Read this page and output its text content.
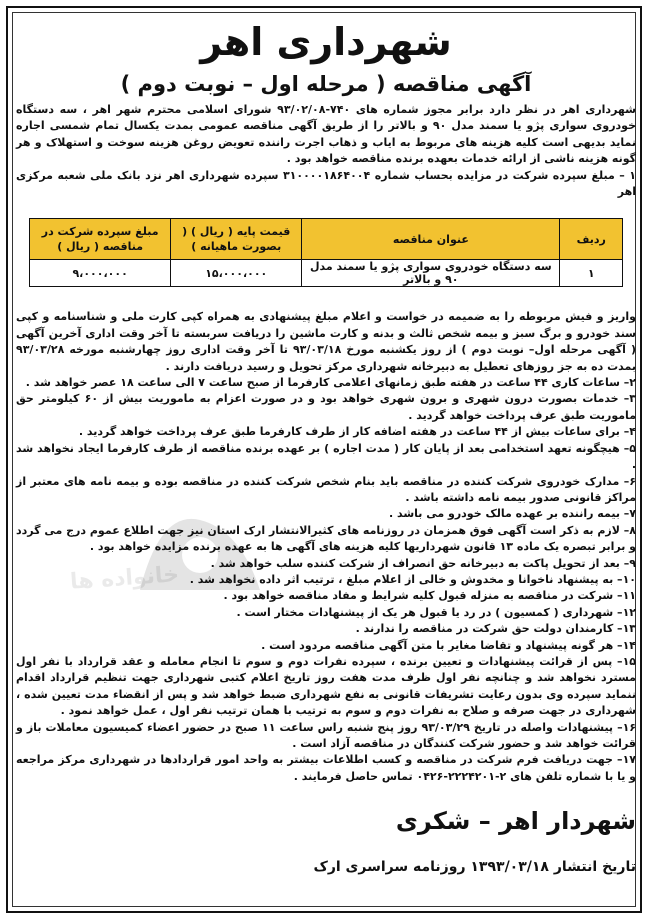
شهرداری اهر
آگهی مناقصه ( مرحله اول – نوبت دوم )

شهرداری اهر در نظر دارد برابر مجوز شماره های ۷۴۰-۹۳/۰۲/۰۸ شورای اسلامی محترم شهر اهر ، سه دستگاه خودروی سواری پژو یا سمند مدل ۹۰ و بالاتر را از طریق آگهی مناقصه عمومی بمدت یکسال تمام شمسی اجاره نماید بدیهی است کلیه هزینه های مربوط به ایاب و ذهاب اجرت راننده تعویض روغن هزینه سوخت و استهلاک و هر گونه هزینه ناشی از ارائه خدمات بعهده برنده مناقصه خواهد بود .

۱ – مبلغ سپرده شرکت در مزایده بحساب شماره ۳۱۰۰۰۰۱۸۶۴۰۰۴ سپرده شهرداری اهر نزد بانک ملی شعبه مرکزی اهر

ردیف	عنوان مناقصه	قیمت پایه ( ریال ) ( بصورت ماهیانه )	مبلغ سپرده شرکت در مناقصه ( ریال )
۱	سه دستگاه خودروی سواری پژو یا سمند مدل ۹۰ و بالاتر	۱۵،۰۰۰،۰۰۰	۹،۰۰۰،۰۰۰

واریز و فیش مربوطه را به ضمیمه در خواست و اعلام مبلغ پیشنهادی به همراه کپی کارت ملی و شناسنامه و کپی سند خودرو و برگ سبز و بیمه شخص ثالث و بدنه و کارت ماشین را دریافت سربسته تا آخر وقت اداری آخرین آگهی ( آگهی مرحله اول– نوبت دوم ) از روز یکشنبه مورخ ۹۳/۰۳/۱۸ تا آخر وقت اداری روز چهارشنبه مورخه ۹۳/۰۳/۲۸ بمدت ده به جز روزهای تعطیل به دبیرخانه شهرداری مرکز تحویل و رسید دریافت دارند .

۲– ساعات کاری ۴۴ ساعت در هفته طبق زمانهای اعلامی کارفرما از صبح ساعت ۷ الی ساعت ۱۸ عصر خواهد شد .

۳– خدمات بصورت درون شهری و برون شهری خواهد بود و در صورت اعزام به ماموریت بیش از ۶۰ کیلومتر حق ماموریت طبق عرف پرداخت خواهد گردید .

۴– برای ساعات بیش از ۴۴ ساعت در هفته اضافه کار از طرف کارفرما طبق عرف پرداخت خواهد گردید .

۵– هیچگونه تعهد استخدامی بعد از پایان کار ( مدت اجاره ) بر عهده برنده مناقصه از طرف کارفرما ایجاد نخواهد شد .

۶– مدارک خودروی شرکت کننده در مناقصه باید بنام شخص شرکت کننده در مناقصه بوده و بیمه نامه های معتبر از مراکز قانونی صدور بیمه نامه داشته باشد .

۷– بیمه راننده بر عهده مالک خودرو می باشد .

۸– لازم به ذکر است آگهی فوق همزمان در روزنامه های کثیرالانتشار ارک استان نیز جهت اطلاع عموم درج می گردد و برابر تبصره یک ماده ۱۳ قانون شهرداریها کلیه هزینه های آگهی ها به عهده برنده مزایده خواهد بود .

۹– بعد از تحویل پاکت به دبیرخانه حق انصراف از شرکت کننده سلب خواهد شد .

۱۰– به پیشنهاد ناخوانا و مخدوش و خالی از اعلام مبلغ ، ترتیب اثر داده نخواهد شد .

۱۱– شرکت در مناقصه به منزله قبول کلیه شرایط و مفاد مناقصه خواهد بود .

۱۲– شهرداری ( کمسیون ) در رد یا قبول هر یک از پیشنهادات مختار است .

۱۳– کارمندان دولت حق شرکت در مناقصه را ندارند .

۱۴– هر گونه پیشنهاد و تقاضا مغایر با متن آگهی مناقصه مردود است .

۱۵– پس از قرائت پیشنهادات و تعیین برنده ، سپرده نفرات دوم و سوم تا انجام معامله و عقد قرارداد با نفر اول مسترد نخواهد شد و چنانچه نفر اول ظرف مدت هفت روز تاریخ اعلام کتبی شهرداری جهت تنظیم قرارداد اقدام ننماید سپرده وی بدون رعایت تشریفات قانونی به نفع شهرداری ضبط خواهد شد و پس از انقضاء مدت تعیین شده ، شهرداری در جهت صرفه و صلاح به نفرات دوم و سوم به ترتیب با همان ترتیب نفر اول ، عمل خواهد نمود .

۱۶– پیشنهادات واصله در تاریخ ۹۳/۰۳/۲۹ روز پنج شنبه راس ساعت ۱۱ صبح در حضور اعضاء کمیسیون معاملات باز و قرائت خواهد شد و حضور شرکت کنندگان در مناقصه آزاد است .

۱۷– جهت دریافت فرم شرکت در مناقصه و کسب اطلاعات بیشتر به واحد امور قراردادها در شهرداری مرکز مراجعه و یا با شماره تلفن های ۲-۲۲۲۴۲۰۱-۰۴۲۶ تماس حاصل فرمایند .

شهردار اهر – شکری
تاریخ انتشار ۱۳۹۳/۰۳/۱۸ روزنامه سراسری ارک
